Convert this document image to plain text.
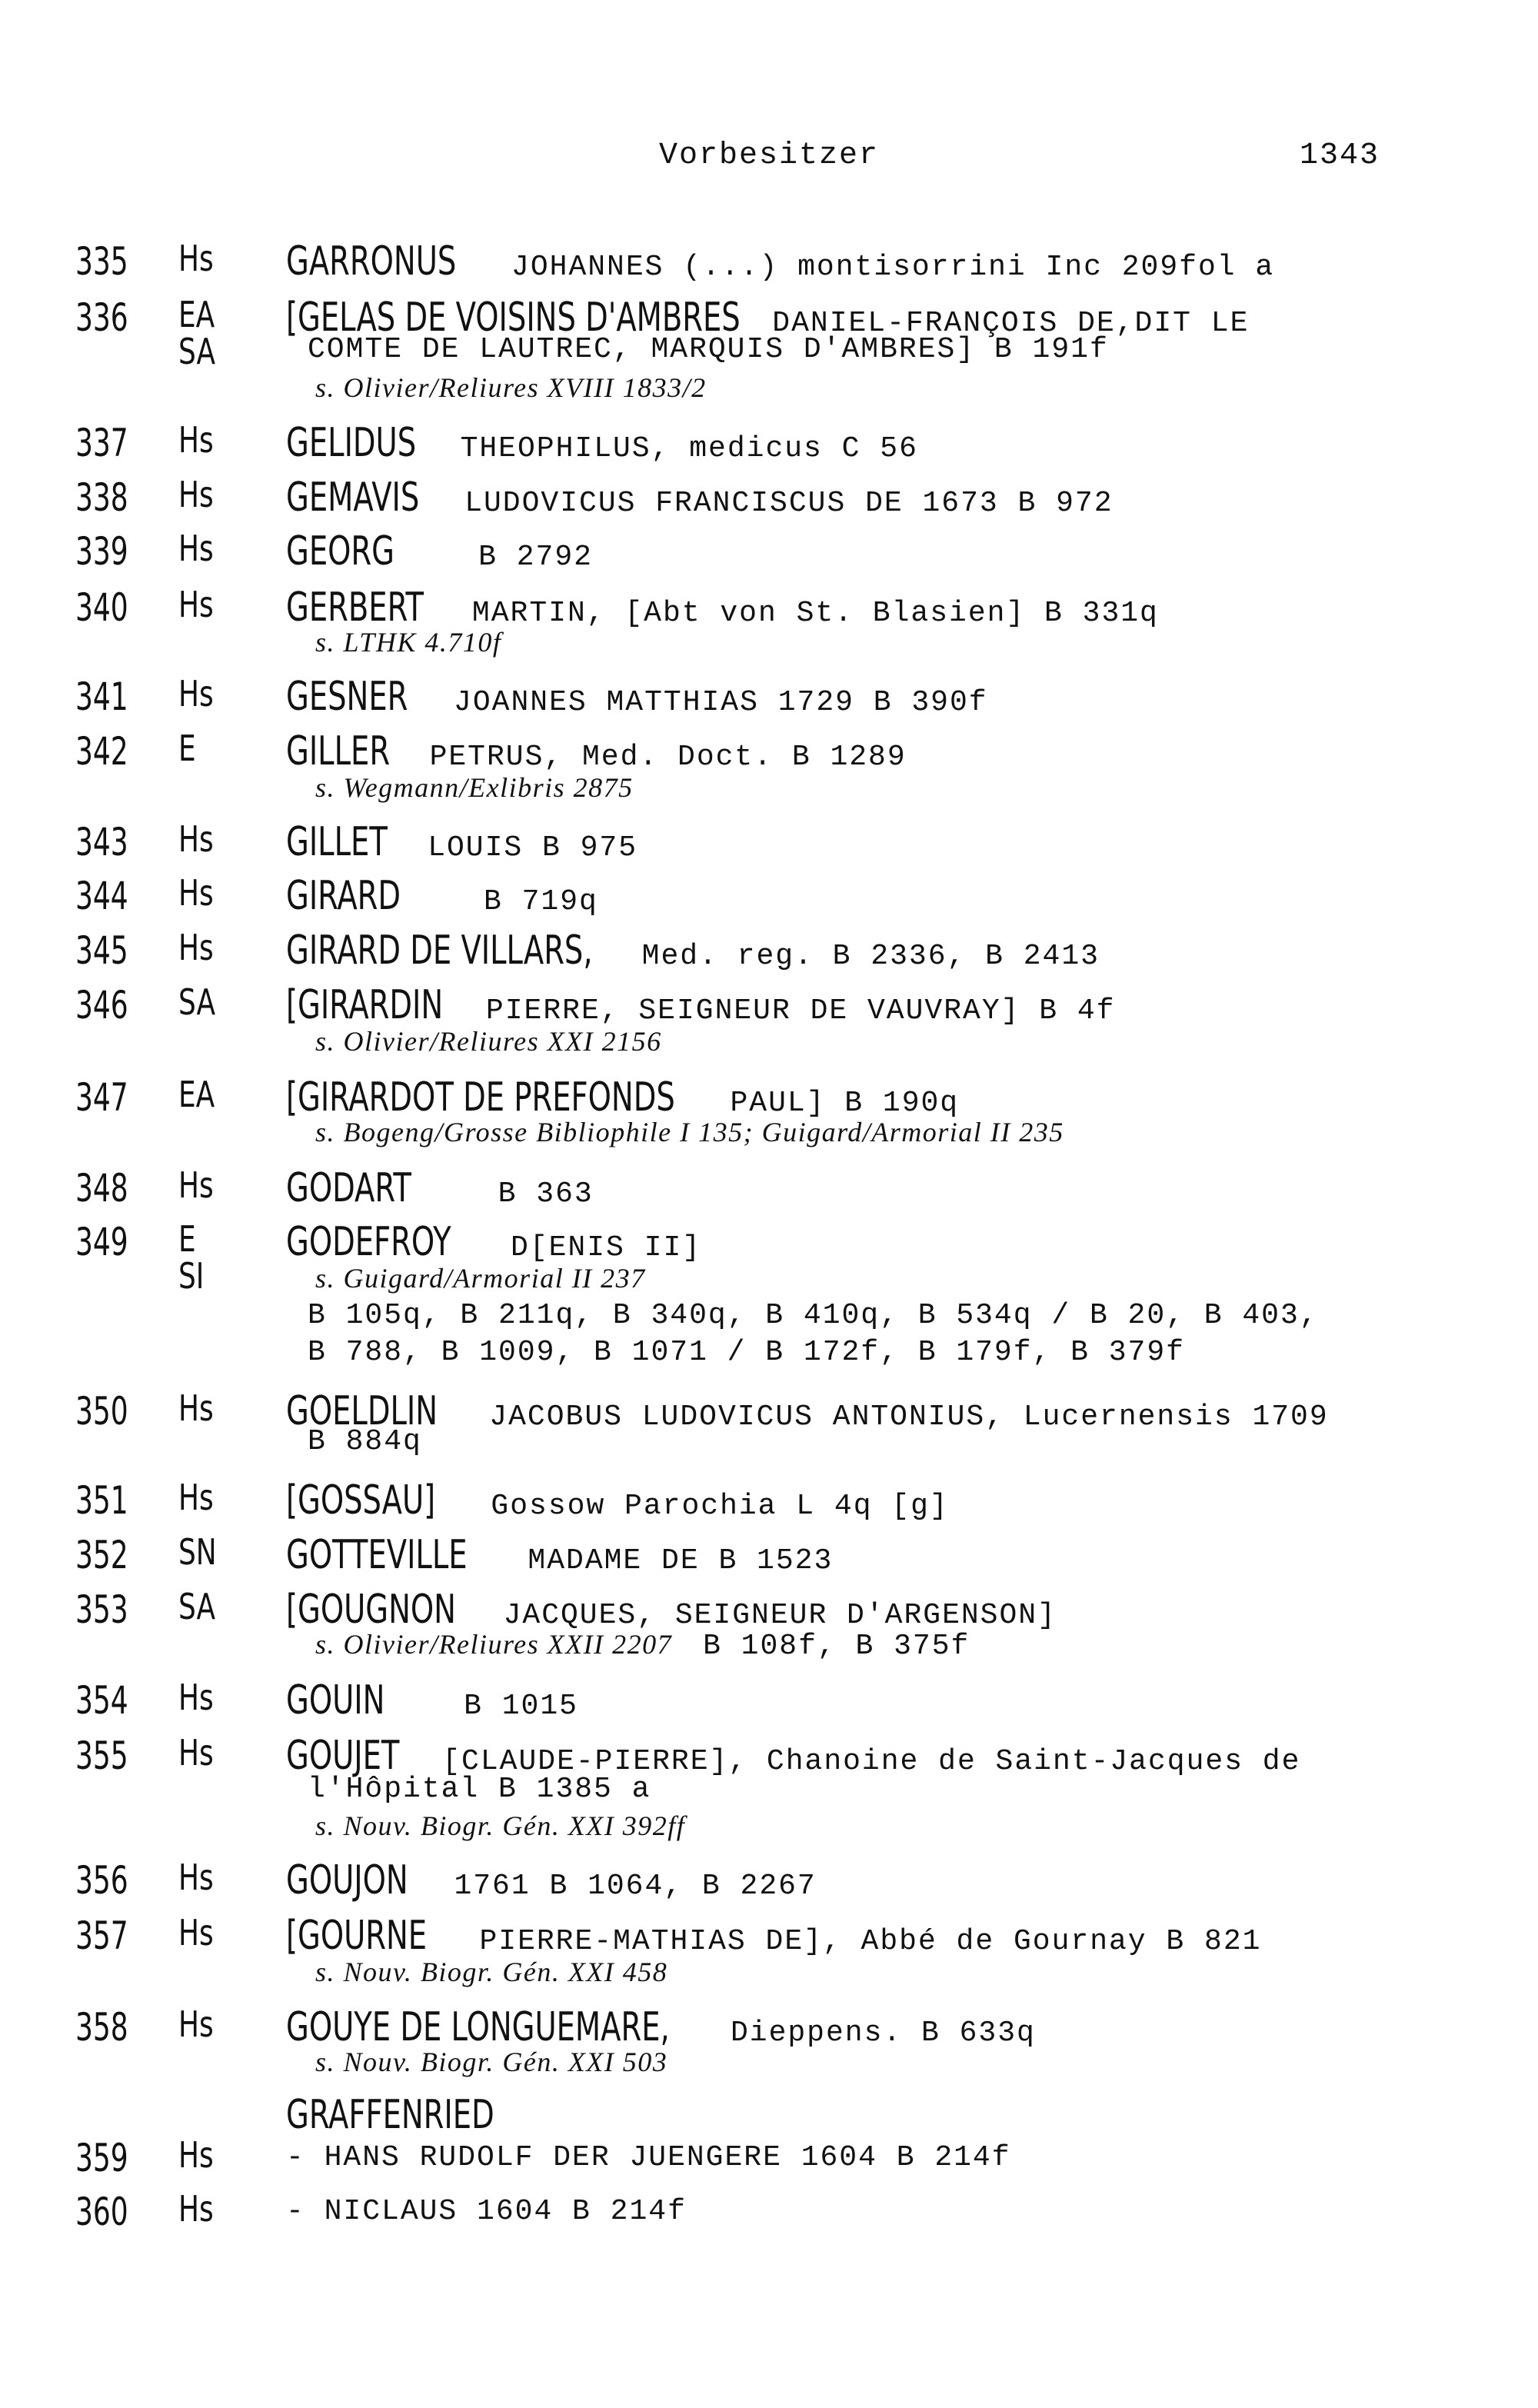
Vorbesitzer	1343
335 Hs GARRONUS JOHANNES (...) montisorrini Inc 209fol a
336 EA
SA
[GELAS DE VOISINS D'AMBRES DANIEL-FRANÇOIS DE,DIT LE
COMTE DE LAUTREC, MARQUIS D'AMBRES] B 191f
s. Olivier/Reliures XVIII 1833/2
337 Hs GELIDUS THEOPHILUS, medicus C 56
338 Hs GEMAVIS LUDOVICUS FRANCISCUS DE 1673 B 972
339 Hs GEORG  B 2792
340 Hs GERBERT MARTIN, [Abt von St. Blasien] B 331q
s. LTHK 4.710f
341 Hs GESNER JOANNES MATTHIAS 1729 B 390f
342 E GILLER PETRUS, Med. Doct. B 1289
s. Wegmann/Exlibris 2875
343 Hs GILLET LOUIS B 975
344 Hs GIRARD  B 719q
345 Hs GIRARD DE VILLARS, Med. reg. B 2336, B 2413
346 SA [GIRARDIN PIERRE, SEIGNEUR DE VAUVRAY] B 4f
s. Olivier/Reliures XXI 2156
347 EA [GIRARDOT DE PREFONDS PAUL] B 190q
s. Bogeng/Grosse Bibliophile I 135; Guigard/Armorial II 235
348 Hs GODART  B 363
349 E
SI
GODEFROY D[ENIS II]
s. Guigard/Armorial II 237
B 105q, B 211q, B 340q, B 410q, B 534q / B 20, B 403,
B 788, B 1009, B 1071 / B 172f, B 179f, B 379f
350 Hs GOELDLIN JACOBUS LUDOVICUS ANTONIUS, Lucernensis 1709
B 884q
351 Hs [GOSSAU] Gossow Parochia L 4q [g]
352 SN GOTTEVILLE MADAME DE B 1523
353 SA [GOUGNON JACQUES, SEIGNEUR D'ARGENSON]
s. Olivier/Reliures XXII 2207 B 108f, B 375f
354 Hs GOUIN  B 1015
355 Hs GOUJET [CLAUDE-PIERRE], Chanoine de Saint-Jacques de
l'Hôpital B 1385 a
s. Nouv. Biogr. Gén. XXI 392ff
356 Hs GOUJON 1761 B 1064, B 2267
357 Hs [GOURNE PIERRE-MATHIAS DE], Abbé de Gournay B 821
s. Nouv. Biogr. Gén. XXI 458
358 Hs GOUYE DE LONGUEMARE, Dieppens. B 633q
s. Nouv. Biogr. Gén. XXI 503
GRAFFENRIED
359 Hs - HANS RUDOLF DER JUENGERE 1604 B 214f
360 Hs - NICLAUS 1604 B 214f
